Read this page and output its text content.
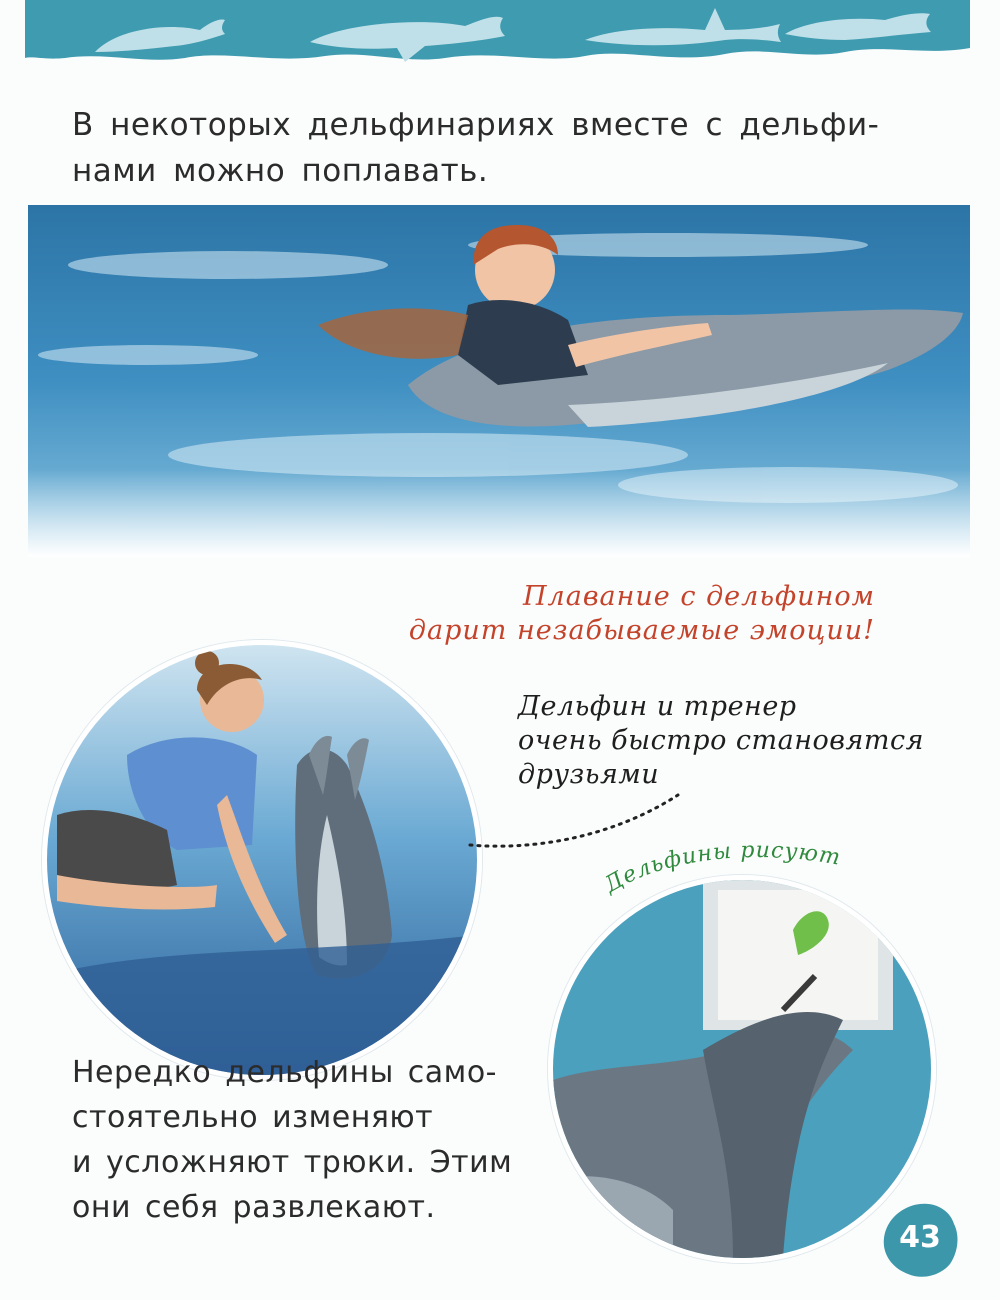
В некоторых дельфинариях вместе с дельфи-
нами можно поплавать.
Плавание с дельфином
дарит незабываемые эмоции!
Дельфин и тренер
очень быстро становятся
друзьями
Дельфины рисуют
Нередко дельфины само-
стоятельно изменяют
и усложняют трюки. Этим
они себя развлекают.
43
